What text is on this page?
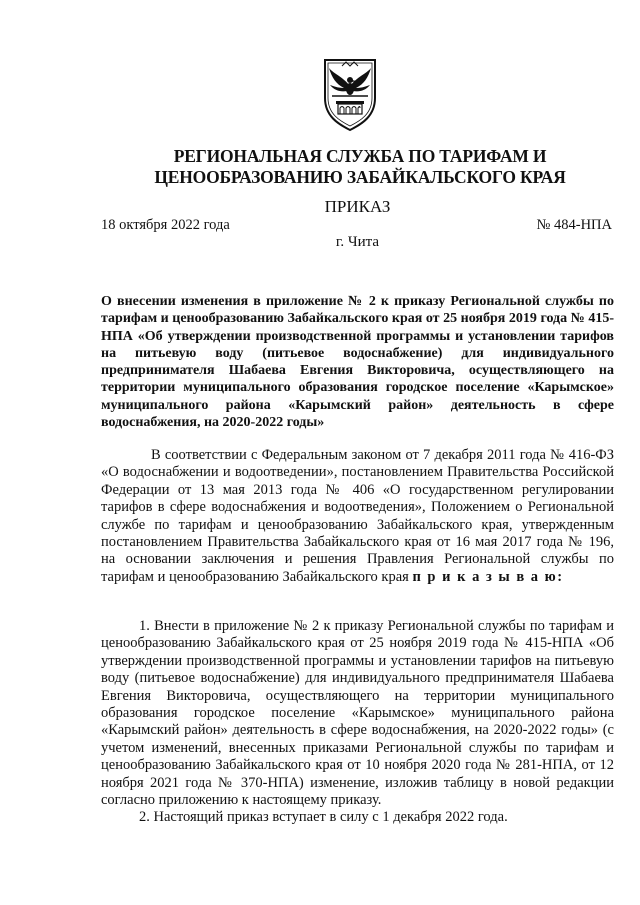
РЕГИОНАЛЬНАЯ СЛУЖБА ПО ТАРИФАМ И ЦЕНООБРАЗОВАНИЮ ЗАБАЙКАЛЬСКОГО КРАЯ
ПРИКАЗ
18 октября 2022 года	№ 484-НПА
г. Чита
О внесении изменения в приложение № 2 к приказу Региональной службы по тарифам и ценообразованию Забайкальского края от 25 ноября 2019 года № 415-НПА «Об утверждении производственной программы и установлении тарифов на питьевую воду (питьевое водоснабжение) для индивидуального предпринимателя Шабаева Евгения Викторовича, осуществляющего на территории муниципального образования городское поселение «Карымское» муниципального района «Карымский район» деятельность в сфере водоснабжения, на 2020-2022 годы»
В соответствии с Федеральным законом от 7 декабря 2011 года № 416-ФЗ «О водоснабжении и водоотведении», постановлением Правительства Российской Федерации от 13 мая 2013 года № 406 «О государственном регулировании тарифов в сфере водоснабжения и водоотведения», Положением о Региональной службе по тарифам и ценообразованию Забайкальского края, утвержденным постановлением Правительства Забайкальского края от 16 мая 2017 года № 196, на основании заключения и решения Правления Региональной службы по тарифам и ценообразованию Забайкальского края п р и к а з ы в а ю:
1. Внести в приложение № 2 к приказу Региональной службы по тарифам и ценообразованию Забайкальского края от 25 ноября 2019 года № 415-НПА «Об утверждении производственной программы и установлении тарифов на питьевую воду (питьевое водоснабжение) для индивидуального предпринимателя Шабаева Евгения Викторовича, осуществляющего на территории муниципального образования городское поселение «Карымское» муниципального района «Карымский район» деятельность в сфере водоснабжения, на 2020-2022 годы» (с учетом изменений, внесенных приказами Региональной службы по тарифам и ценообразованию Забайкальского края от 10 ноября 2020 года № 281-НПА, от 12 ноября 2021 года № 370-НПА) изменение, изложив таблицу в новой редакции согласно приложению к настоящему приказу.
2. Настоящий приказ вступает в силу с 1 декабря 2022 года.
